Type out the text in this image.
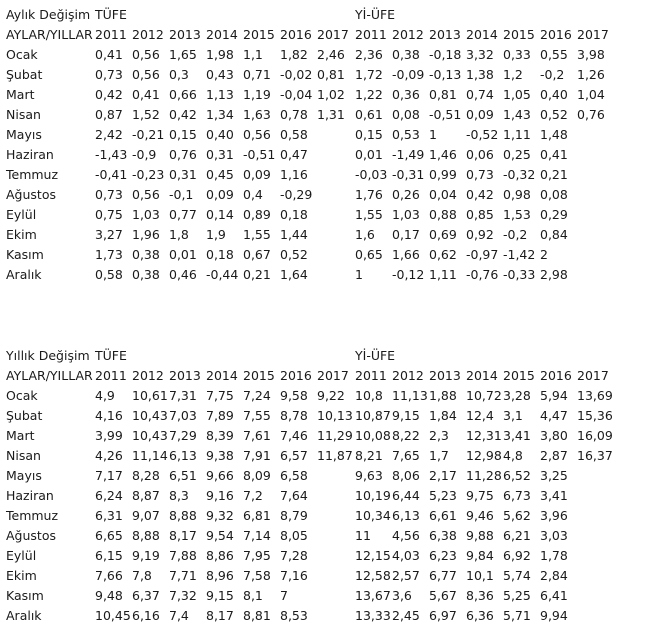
Aylık Değişim TÜFE	Yİ-ÜFE
AYLAR/YILLAR 2011 2012 2013 2014 2015 2016 2017 2011 2012 2013 2014 2015 2016 2017
Ocak	0,41 0,56 1,65 1,98 1,1 1,82 2,46 2,36 0,38 -0,18 3,32 0,33 0,55 3,98
Şubat	0,73 0,56 0,3 0,43 0,71 -0,02 0,81 1,72 -0,09 -0,13 1,38 1,2 -0,2 1,26
Mart	0,42 0,41 0,66 1,13 1,19 -0,04 1,02 1,22 0,36 0,81 0,74 1,05 0,40 1,04
Nisan	0,87 1,52 0,42 1,34 1,63 0,78 1,31 0,61 0,08 -0,51 0,09 1,43 0,52 0,76
Mayıs	2,42 -0,21 0,15 0,40 0,56 0,58	0,15 0,53 1 -0,52 1,11 1,48
Haziran	-1,43 -0,9 0,76 0,31 -0,51 0,47	0,01 -1,49 1,46 0,06 0,25 0,41
Temmuz	-0,41 -0,23 0,31 0,45 0,09 1,16	-0,03 -0,31 0,99 0,73 -0,32 0,21
Ağustos	0,73 0,56 -0,1 0,09 0,4 -0,29	1,76 0,26 0,04 0,42 0,98 0,08
Eylül	0,75 1,03 0,77 0,14 0,89 0,18	1,55 1,03 0,88 0,85 1,53 0,29
Ekim	3,27 1,96 1,8 1,9 1,55 1,44	1,6 0,17 0,69 0,92 -0,2 0,84
Kasım	1,73 0,38 0,01 0,18 0,67 0,52	0,65 1,66 0,62 -0,97 -1,42 2
Aralık	0,58 0,38 0,46 -0,44 0,21 1,64	1 -0,12 1,11 -0,76 -0,33 2,98
Yıllık Değişim TÜFE	Yİ-ÜFE
AYLAR/YILLAR 2011 2012 2013 2014 2015 2016 2017 2011 2012 2013 2014 2015 2016 2017
Ocak	4,9 10,61 7,31 7,75 7,24 9,58 9,22 10,8 11,13 1,88 10,72 3,28 5,94 13,69
Şubat	4,16 10,43 7,03 7,89 7,55 8,78 10,13 10,87 9,15 1,84 12,4 3,1 4,47 15,36
Mart	3,99 10,43 7,29 8,39 7,61 7,46 11,29 10,08 8,22 2,3 12,31 3,41 3,80 16,09
Nisan	4,26 11,14 6,13 9,38 7,91 6,57 11,87 8,21 7,65 1,7 12,98 4,8 2,87 16,37
Mayıs	7,17 8,28 6,51 9,66 8,09 6,58	9,63 8,06 2,17 11,28 6,52 3,25
Haziran	6,24 8,87 8,3 9,16 7,2 7,64	10,19 6,44 5,23 9,75 6,73 3,41
Temmuz	6,31 9,07 8,88 9,32 6,81 8,79	10,34 6,13 6,61 9,46 5,62 3,96
Ağustos	6,65 8,88 8,17 9,54 7,14 8,05	11 4,56 6,38 9,88 6,21 3,03
Eylül	6,15 9,19 7,88 8,86 7,95 7,28	12,15 4,03 6,23 9,84 6,92 1,78
Ekim	7,66 7,8 7,71 8,96 7,58 7,16	12,58 2,57 6,77 10,1 5,74 2,84
Kasım	9,48 6,37 7,32 9,15 8,1 7	13,67 3,6 5,67 8,36 5,25 6,41
Aralık	10,45 6,16 7,4 8,17 8,81 8,53	13,33 2,45 6,97 6,36 5,71 9,94
